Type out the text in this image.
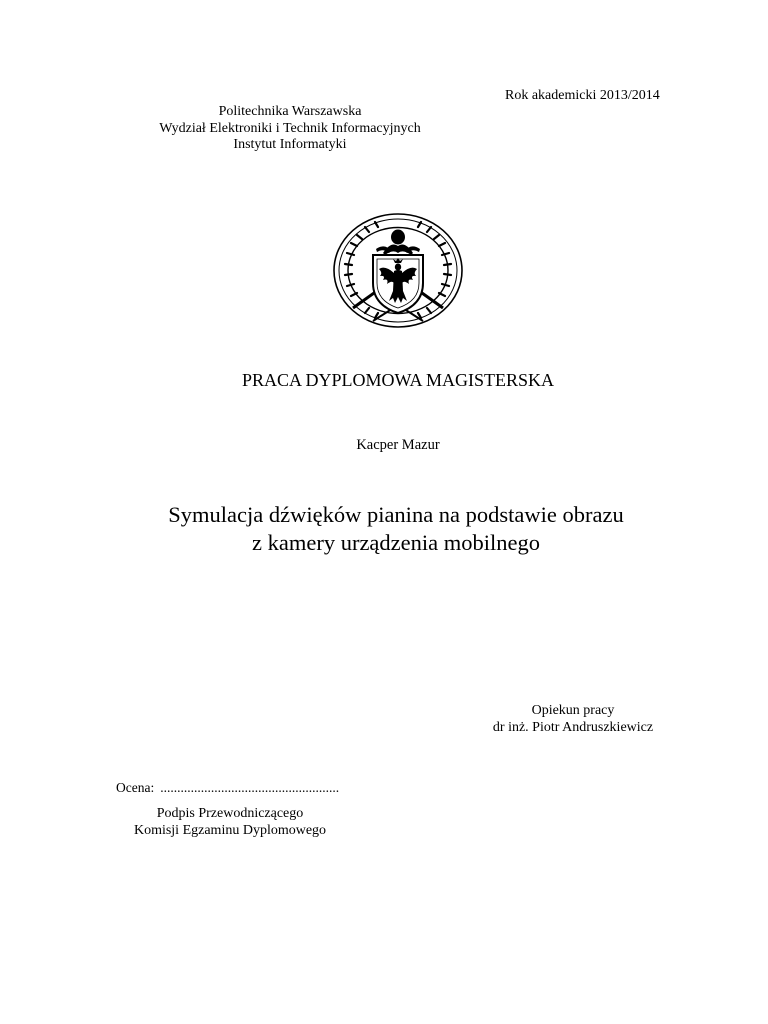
Rok akademicki 2013/2014
Politechnika Warszawska
Wydział Elektroniki i Technik Informacyjnych
Instytut Informatyki
PRACA DYPLOMOWA MAGISTERSKA
Kacper Mazur
Symulacja dźwięków pianina na podstawie obrazu
z kamery urządzenia mobilnego
Opiekun pracy
dr inż. Piotr Andruszkiewicz
Ocena: .....................................................
Podpis Przewodniczącego
Komisji Egzaminu Dyplomowego
